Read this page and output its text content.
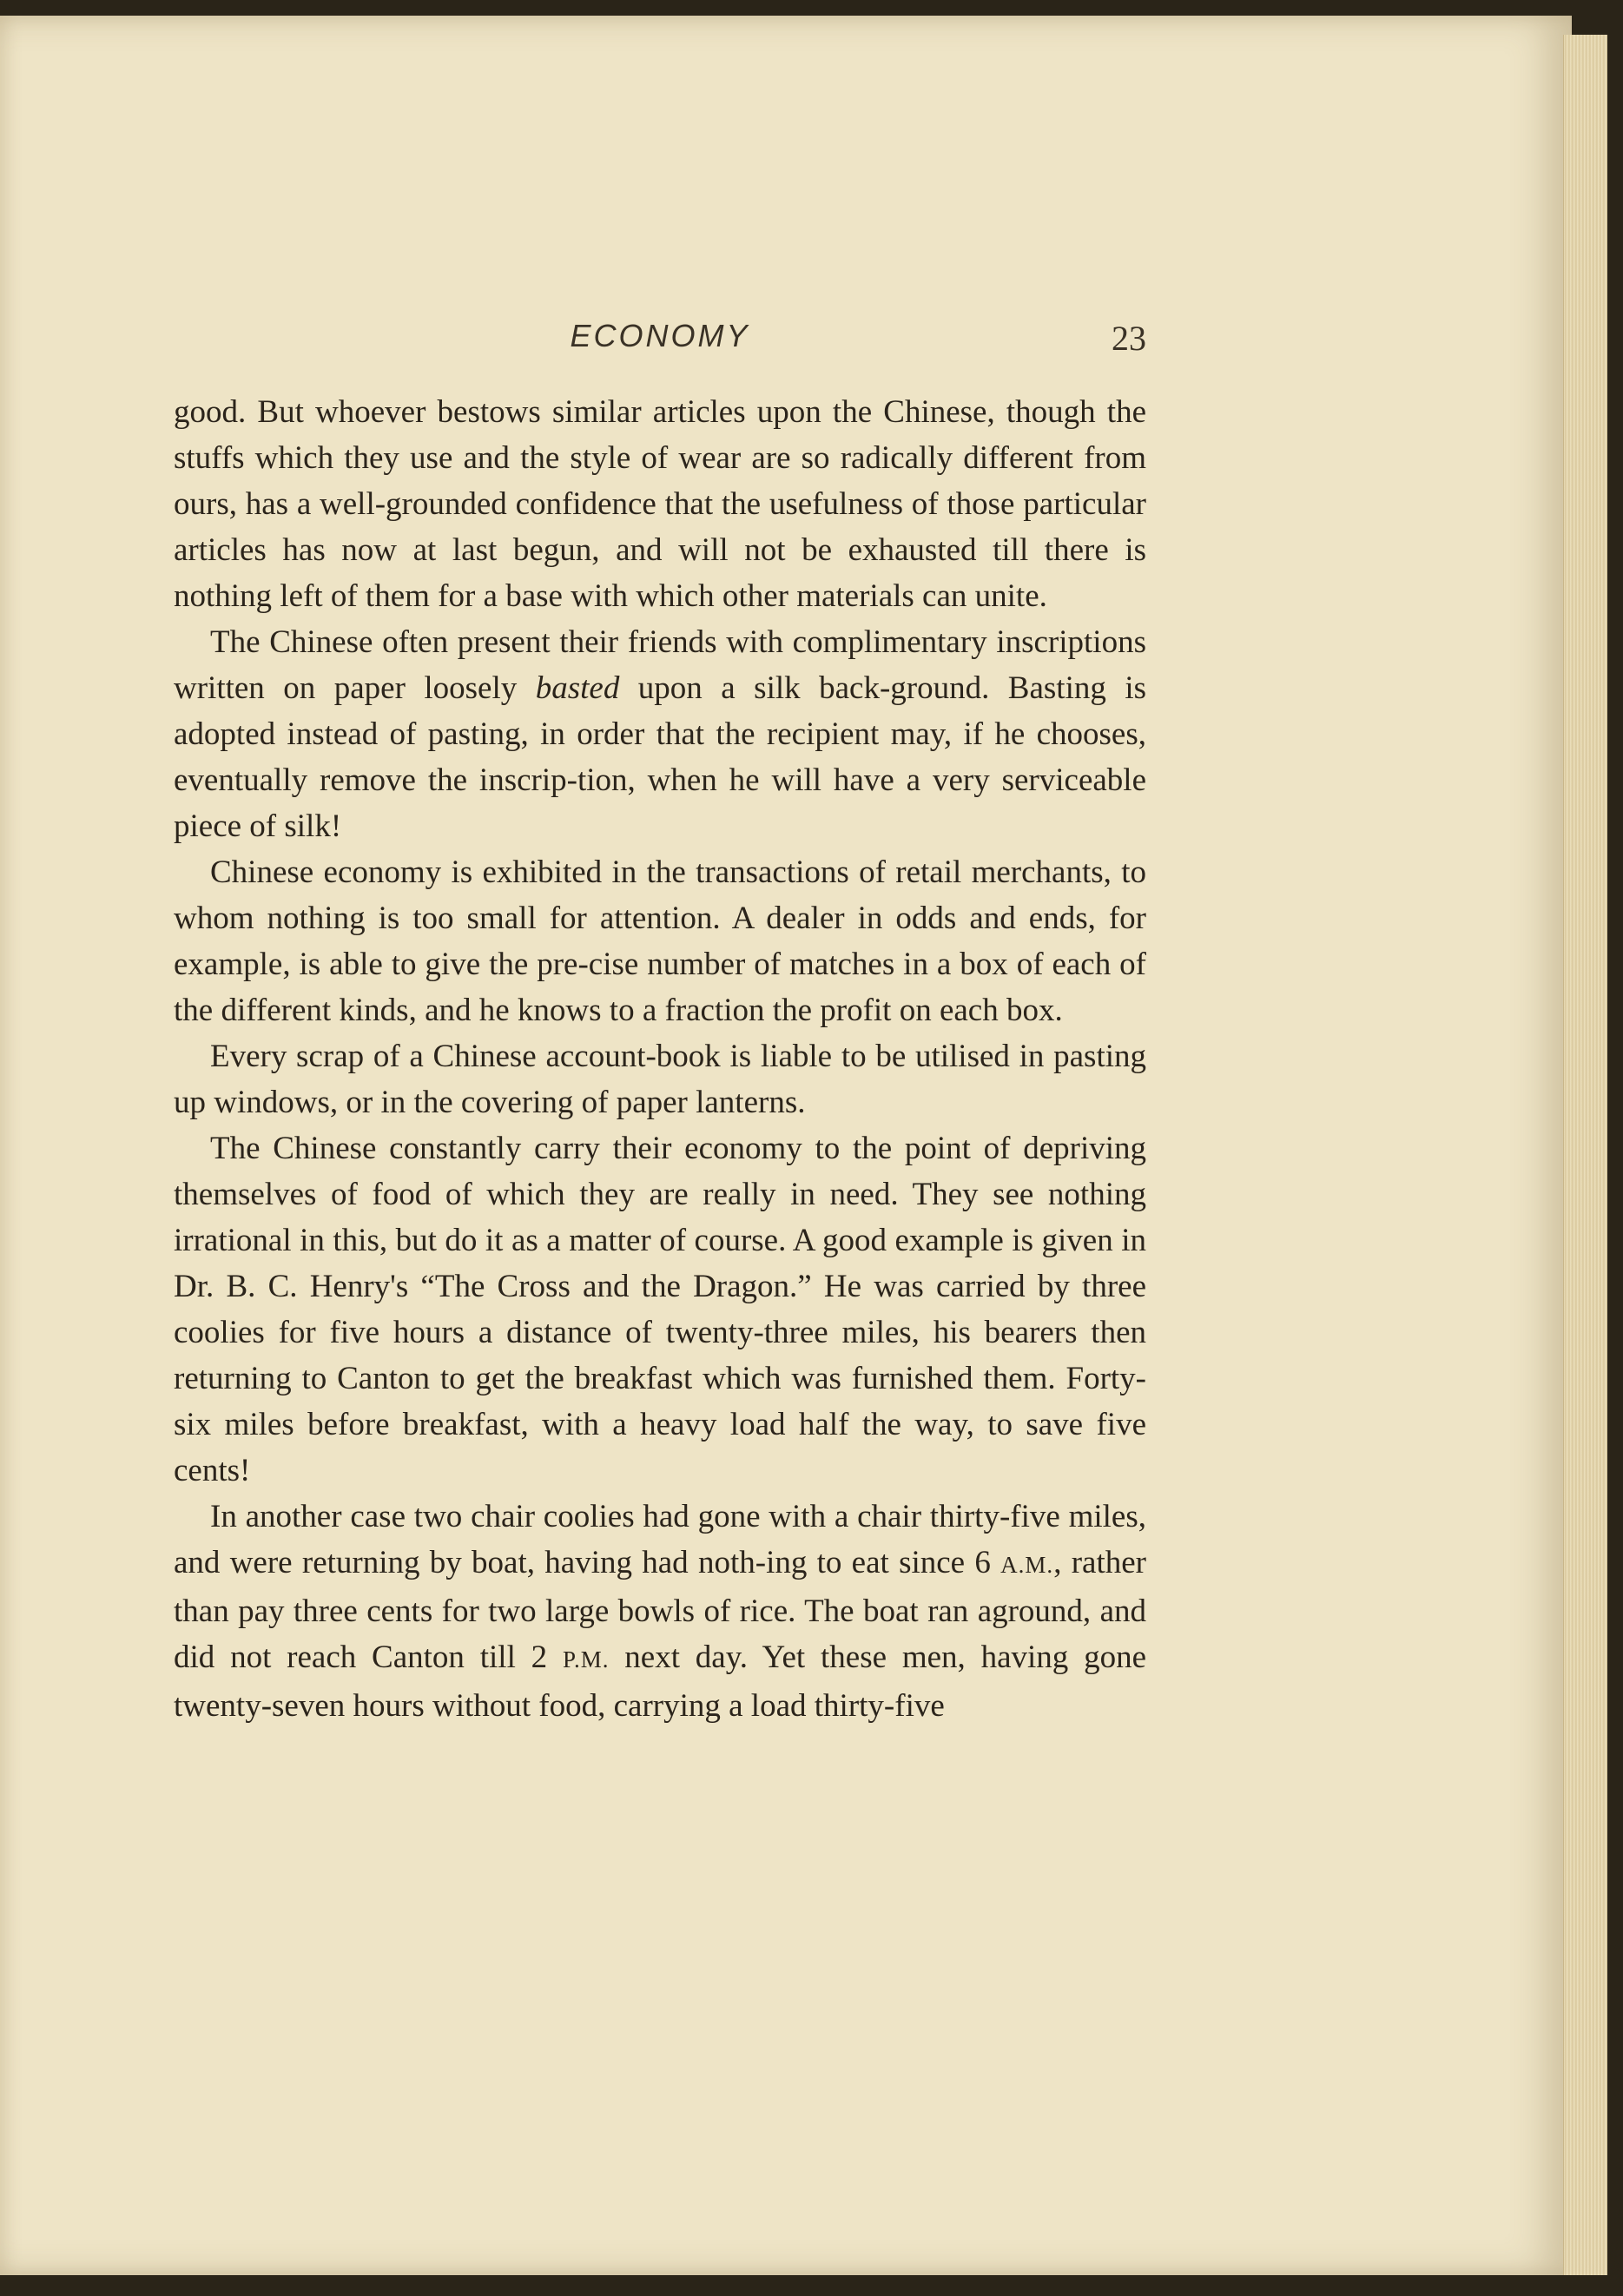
ECONOMY	23

good. But whoever bestows similar articles upon the Chinese, though the stuffs which they use and the style of wear are so radically different from ours, has a well-grounded confidence that the usefulness of those particular articles has now at last begun, and will not be exhausted till there is nothing left of them for a base with which other materials can unite.

The Chinese often present their friends with complimentary inscriptions written on paper loosely basted upon a silk back-ground. Basting is adopted instead of pasting, in order that the recipient may, if he chooses, eventually remove the inscrip-tion, when he will have a very serviceable piece of silk!

Chinese economy is exhibited in the transactions of retail merchants, to whom nothing is too small for attention. A dealer in odds and ends, for example, is able to give the pre-cise number of matches in a box of each of the different kinds, and he knows to a fraction the profit on each box.

Every scrap of a Chinese account-book is liable to be utilised in pasting up windows, or in the covering of paper lanterns.

The Chinese constantly carry their economy to the point of depriving themselves of food of which they are really in need. They see nothing irrational in this, but do it as a matter of course. A good example is given in Dr. B. C. Henry's “The Cross and the Dragon.” He was carried by three coolies for five hours a distance of twenty-three miles, his bearers then returning to Canton to get the breakfast which was furnished them. Forty-six miles before breakfast, with a heavy load half the way, to save five cents!

In another case two chair coolies had gone with a chair thirty-five miles, and were returning by boat, having had noth-ing to eat since 6 A.M., rather than pay three cents for two large bowls of rice. The boat ran aground, and did not reach Canton till 2 P.M. next day. Yet these men, having gone twenty-seven hours without food, carrying a load thirty-five
